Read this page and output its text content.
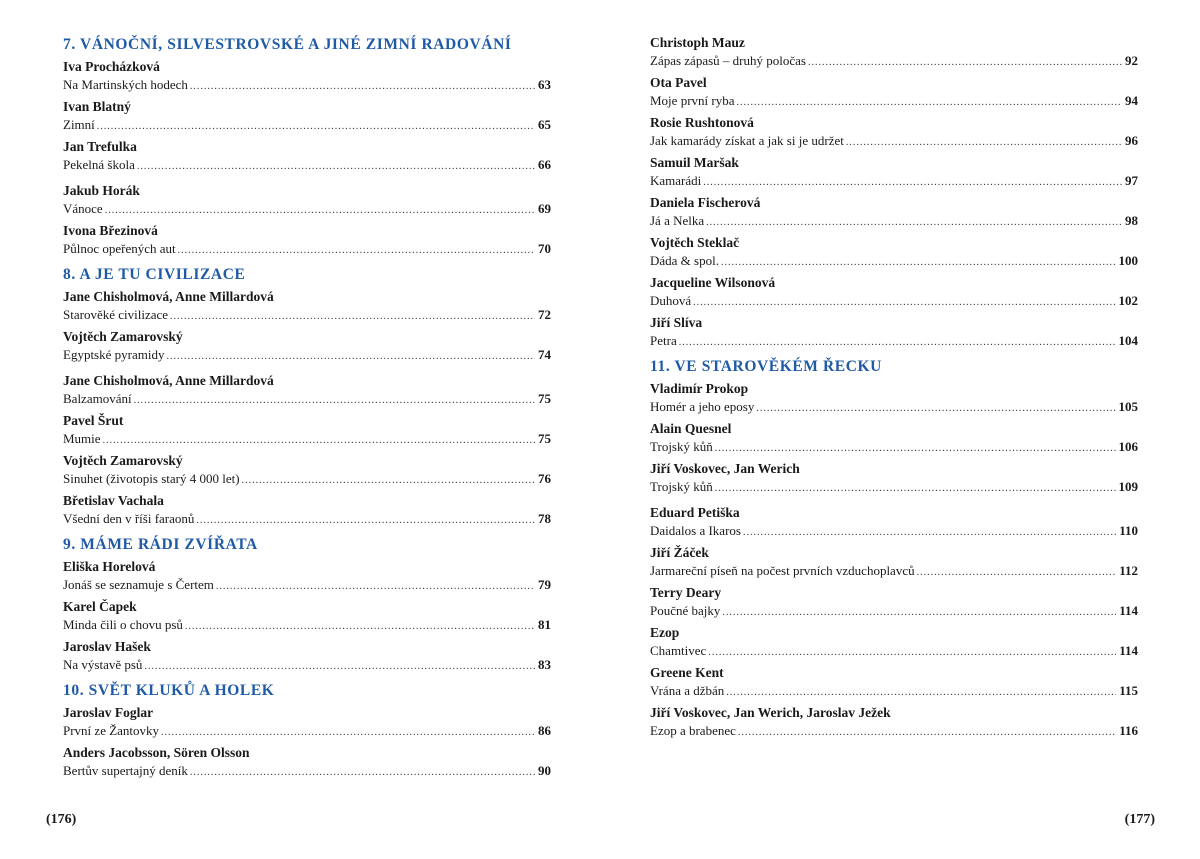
7. VÁNOČNÍ, SILVESTROVSKÉ A JINÉ ZIMNÍ RADOVÁNÍ
Iva Procházková
Na Martinských hodech .....	63
Ivan Blatný
Zimní .....	65
Jan Trefulka
Pekelná škola .....	66
Jakub Horák
Vánoce .....	69
Ivona Březinová
Půlnoc opeřených aut .....	70
8. A JE TU CIVILIZACE
Jane Chisholmová, Anne Millardová
Starověké civilizace .....	72
Vojtěch Zamarovský
Egyptské pyramidy .....	74
Jane Chisholmová, Anne Millardová
Balzamování .....	75
Pavel Šrut
Mumie .....	75
Vojtěch Zamarovský
Sinuhet (životopis starý 4 000 let) .....	76
Břetislav Vachala
Všední den v říši faraonů .....	78
9. MÁME RÁDI ZVÍŘATA
Eliška Horelová
Jonáš se seznamuje s Čertem .....	79
Karel Čapek
Minda čili o chovu psů .....	81
Jaroslav Hašek
Na výstavě psů .....	83
10. SVĚT KLUKŮ A HOLEK
Jaroslav Foglar
První ze Žantovky .....	86
Anders Jacobsson, Sören Olsson
Bertův supertajný deník .....	90
Christoph Mauz
Zápas zápasů – druhý poločas .....	92
Ota Pavel
Moje první ryba .....	94
Rosie Rushtonová
Jak kamarády získat a jak si je udržet .....	96
Samuil Maršak
Kamarádi .....	97
Daniela Fischerová
Já a Nelka .....	98
Vojtěch Steklač
Dáda & spol. .....	100
Jacqueline Wilsonová
Duhová .....	102
Jiří Slíva
Petra .....	104
11. VE STAROVĚKÉM ŘECKU
Vladimír Prokop
Homér a jeho eposy .....	105
Alain Quesnel
Trojský kůň .....	106
Jiří Voskovec, Jan Werich
Trojský kůň .....	109
Eduard Petiška
Daidalos a Ikaros .....	110
Jiří Žáček
Jarmareční píseň na počest prvních vzduchoplavců .....	112
Terry Deary
Poučné bajky .....	114
Ezop
Chamtivec .....	114
Greene Kent
Vrána a džbán .....	115
Jiří Voskovec, Jan Werich, Jaroslav Ježek
Ezop a brabenec .....	116
(176)	(177)
